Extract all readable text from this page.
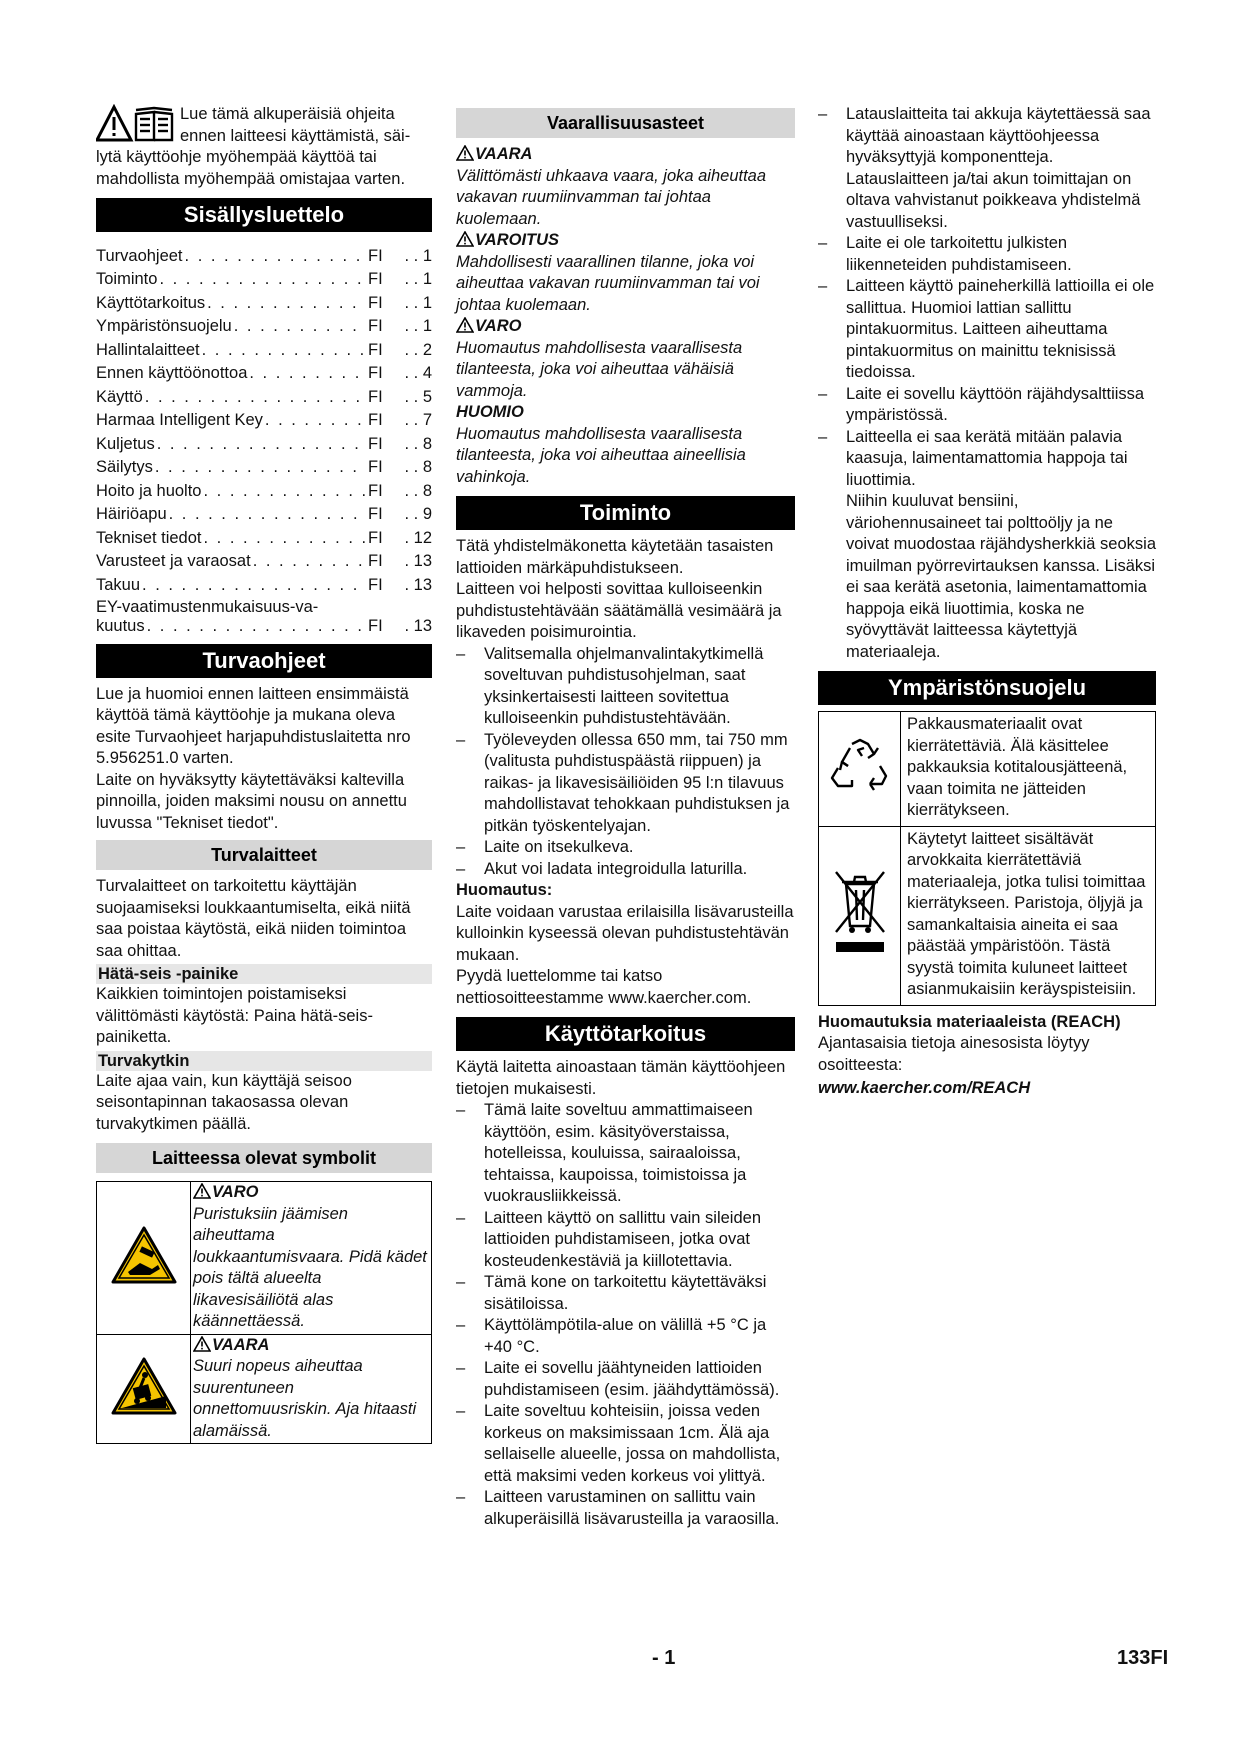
Lue tämä alkuperäisiä ohjeita

ennen laitteesi käyttämistä, säi-

lytä käyttöohje myöhempää käyttöä tai

mahdollista myöhempää omistajaa varten.

Sisällysluettelo
Turvaohjeet . . .	FI	. . 1
Toiminto . . .	FI	. . 1
Käyttötarkoitus . . .	FI	. . 1
Ympäristönsuojelu . . .	FI	. . 1
Hallintalaitteet . . .	FI	. . 2
Ennen käyttöönottoa . . .	FI	. . 4
Käyttö . . .	FI	. . 5
Harmaa Intelligent Key . . .	FI	. . 7
Kuljetus . . .	FI	. . 8
Säilytys . . .	FI	. . 8
Hoito ja huolto . . .	FI	. . 8
Häiriöapu . . .	FI	. . 9
Tekniset tiedot . . .	FI	. 12
Varusteet ja varaosat . . .	FI	. 13
Takuu . . .	FI	. 13
EY-vaatimustenmukaisuus-va-
kuutus . . .	FI	. 13
Turvaohjeet

Lue ja huomioi ennen laitteen ensimmäistä käyttöä tämä käyttöohje ja mukana oleva esite Turvaohjeet harjapuhdistuslaitetta nro 5.956251.0 varten.

Laite on hyväksytty käytettäväksi kaltevilla pinnoilla, joiden maksimi nousu on annettu luvussa "Tekniset tiedot".

Turvalaitteet

Turvalaitteet on tarkoitettu käyttäjän suojaamiseksi loukkaantumiselta, eikä niitä saa poistaa käytöstä, eikä niiden toimintoa saa ohittaa.

Hätä-seis -painike

Kaikkien toimintojen poistamiseksi välittömästi käytöstä: Paina hätä-seis-painiketta.

Turvakytkin

Laite ajaa vain, kun käyttäjä seisoo seisontapinnan takaosassa olevan turvakytkimen päällä.

Laitteessa olevat symbolit

VARO
Puristuksiin jäämisen aiheuttama loukkaantumisvaara. Pidä kädet pois tältä alueelta likavesisäiliötä alas käännettäessä.

VAARA
Suuri nopeus aiheuttaa suurentuneen onnettomuusriskin. Aja hitaasti alamäissä.
Vaarallisuusasteet
VAARA
Välittömästi uhkaava vaara, joka aiheuttaa vakavan ruumiinvamman tai johtaa kuolemaan.
VAROITUS
Mahdollisesti vaarallinen tilanne, joka voi aiheuttaa vakavan ruumiinvamman tai voi johtaa kuolemaan.
VARO
Huomautus mahdollisesta vaarallisesta tilanteesta, joka voi aiheuttaa vähäisiä vammoja.
HUOMIO
Huomautus mahdollisesta vaarallisesta tilanteesta, joka voi aiheuttaa aineellisia vahinkoja.
Toiminto

Tätä yhdistelmäkonetta käytetään tasaisten lattioiden märkäpuhdistukseen.

Laitteen voi helposti sovittaa kulloiseenkin puhdistustehtävään säätämällä vesimäärä ja likaveden poisimurointia.

– Valitsemalla ohjelmanvalintakytkimellä soveltuvan puhdistusohjelman, saat yksinkertaisesti laitteen sovitettua kulloiseenkin puhdistustehtävään.
– Työleveyden ollessa 650 mm, tai 750 mm (valitusta puhdistuspäästä riippuen) ja raikas- ja likavesisäiliöiden 95 l:n tilavuus mahdollistavat tehokkaan puhdistuksen ja pitkän työskentelyajan.
– Laite on itsekulkeva.
– Akut voi ladata integroidulla laturilla.
Huomautus:

Laite voidaan varustaa erilaisilla lisävarusteilla kulloinkin kyseessä olevan puhdistustehtävän mukaan.

Pyydä luettelomme tai katso nettiosoitteestamme www.kaercher.com.

Käyttötarkoitus

Käytä laitetta ainoastaan tämän käyttöohjeen tietojen mukaisesti.

– Tämä laite soveltuu ammattimaiseen käyttöön, esim. käsityöverstaissa, hotelleissa, kouluissa, sairaaloissa, tehtaissa, kaupoissa, toimistoissa ja vuokrausliikkeissä.
– Laitteen käyttö on sallittu vain sileiden lattioiden puhdistamiseen, jotka ovat kosteudenkestäviä ja kiillotettavia.
– Tämä kone on tarkoitettu käytettäväksi sisätiloissa.
– Käyttölämpötila-alue on välillä +5 °C ja +40 °C.
– Laite ei sovellu jäähtyneiden lattioiden puhdistamiseen (esim. jäähdyttämössä).
– Laite soveltuu kohteisiin, joissa veden korkeus on maksimissaan 1cm. Älä aja sellaiselle alueelle, jossa on mahdollista, että maksimi veden korkeus voi ylittyä.
– Laitteen varustaminen on sallittu vain alkuperäisillä lisävarusteilla ja varaosilla.
– Latauslaitteita tai akkuja käytettäessä saa käyttää ainoastaan käyttöohjeessa hyväksyttyjä komponentteja. Latauslaitteen ja/tai akun toimittajan on oltava vahvistanut poikkeava yhdistelmä vastuulliseksi.
– Laite ei ole tarkoitettu julkisten liikenneteiden puhdistamiseen.
– Laitteen käyttö paineherkillä lattioilla ei ole sallittua. Huomioi lattian sallittu pintakuormitus. Laitteen aiheuttama pintakuormitus on mainittu teknisissä tiedoissa.
– Laite ei sovellu käyttöön räjähdysalttiissa ympäristössä.
– Laitteella ei saa kerätä mitään palavia kaasuja, laimentamattomia happoja tai liuottimia.
Niihin kuuluvat bensiini, väriohennusaineet tai polttoöljy ja ne voivat muodostaa räjähdysherkkiä seoksia imuilman pyörrevirtauksen kanssa. Lisäksi ei saa kerätä asetonia, laimentamattomia happoja eikä liuottimia, koska ne syövyttävät laitteessa käytettyjä materiaaleja.
Ympäristönsuojelu
	Pakkausmateriaalit ovat kierrätettäviä. Älä käsittelee pakkauksia kotitalousjätteenä, vaan toimita ne jätteiden kierrätykseen.
	Käytetyt laitteet sisältävät arvokkaita kierrätettäviä materiaaleja, jotka tulisi toimittaa kierrätykseen. Paristoja, öljyjä ja samankaltaisia aineita ei saa päästää ympäristöön. Tästä syystä toimita kuluneet laitteet asianmukaisiin keräyspisteisiin.
Huomautuksia materiaaleista (REACH)

Ajantasaisia tietoja ainesosista löytyy osoitteesta:

www.kaercher.com/REACH

- 1	133FI
